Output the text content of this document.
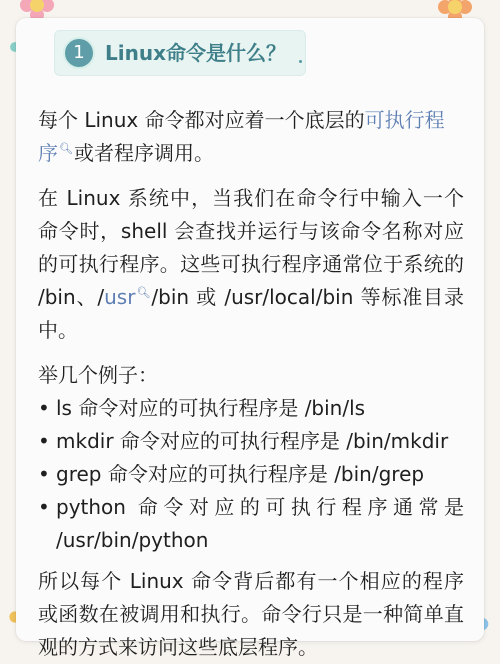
1	Linux命令是什么？

每个 Linux 命令都对应着一个底层的可执行程序🔍︎或者程序调用。

在 Linux 系统中，当我们在命令行中输入一个命令时，shell 会查找并运行与该命令名称对应的可执行程序。这些可执行程序通常位于系统的 /bin、/usr🔍︎/bin 或 /usr/local/bin 等标准目录中。

举几个例子：

• ls 命令对应的可执行程序是 /bin/ls
• mkdir 命令对应的可执行程序是 /bin/mkdir
• grep 命令对应的可执行程序是 /bin/grep
• python 命令对应的可执行程序通常是 /usr/bin/python

所以每个 Linux 命令背后都有一个相应的程序或函数在被调用和执行。命令行只是一种简单直观的方式来访问这些底层程序。
